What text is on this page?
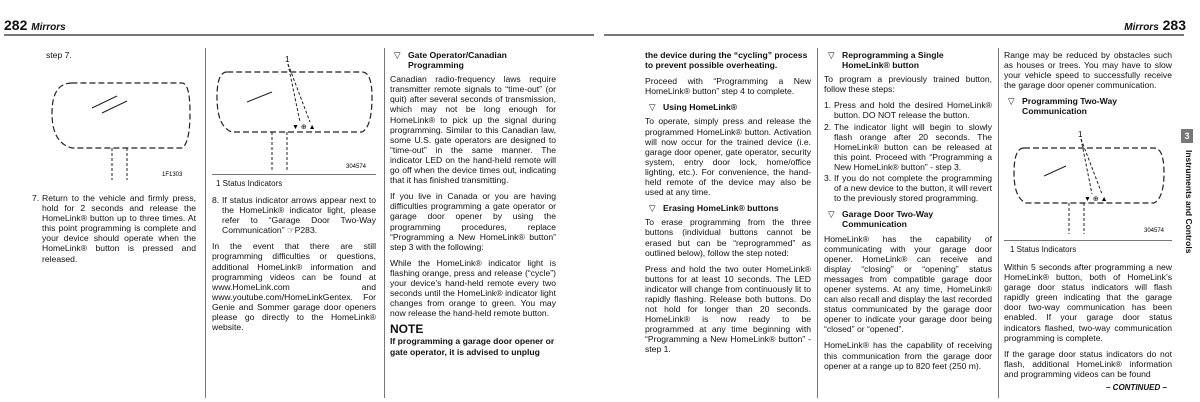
282 Mirrors	Mirrors 283

step 7.

1F1303
7. Return to the vehicle and firmly press, hold for 2 seconds and release the HomeLink® button up to three times. At this point programming is complete and your device should operate when the HomeLink® button is pressed and released.
1
▼ ⊕ ▲
304574
1 Status Indicators
8. If status indicator arrows appear next to the HomeLink® indicator light, please refer to “Garage Door Two-Way Communication” ☞P283.

In the event that there are still programming difficulties or questions, additional HomeLink® information and programming videos can be found at www.HomeLink.com and www.youtube.com/HomeLinkGentex. For Genie and Sommer garage door openers please go directly to the HomeLink® website.

▽ Gate Operator/Canadian Programming

Canadian radio-frequency laws require transmitter remote signals to “time-out” (or quit) after several seconds of transmission, which may not be long enough for HomeLink® to pick up the signal during programming. Similar to this Canadian law, some U.S. gate operators are designed to “time-out” in the same manner. The indicator LED on the hand-held remote will go off when the device times out, indicating that it has finished transmitting.

If you live in Canada or you are having difficulties programming a gate operator or garage door opener by using the programming procedures, replace “Programming a New HomeLink® button” step 3 with the following:

While the HomeLink® indicator light is flashing orange, press and release (“cycle”) your device’s hand-held remote every two seconds until the HomeLink® indicator light changes from orange to green. You may now release the hand-held remote button.

NOTE

If programming a garage door opener or gate operator, it is advised to unplug

the device during the “cycling” process to prevent possible overheating.

Proceed with “Programming a New HomeLink® button” step 4 to complete.

▽ Using HomeLink®

To operate, simply press and release the programmed HomeLink® button. Activation will now occur for the trained device (i.e. garage door opener, gate operator, security system, entry door lock, home/office lighting, etc.). For convenience, the hand-held remote of the device may also be used at any time.

▽ Erasing HomeLink® buttons

To erase programming from the three buttons (individual buttons cannot be erased but can be “reprogrammed” as outlined below), follow the step noted:

Press and hold the two outer HomeLink® buttons for at least 10 seconds. The LED indicator will change from continuously lit to rapidly flashing. Release both buttons. Do not hold for longer than 20 seconds. HomeLink® is now ready to be programmed at any time beginning with “Programming a New HomeLink® button” - step 1.

▽ Reprogramming a Single HomeLink® button

To program a previously trained button, follow these steps:

1. Press and hold the desired HomeLink® button. DO NOT release the button.
2. The indicator light will begin to slowly flash orange after 20 seconds. The HomeLink® button can be released at this point. Proceed with “Programming a New HomeLink® button” - step 3.
3. If you do not complete the programming of a new device to the button, it will revert to the previously stored programming.
▽ Garage Door Two-Way Communication

HomeLink® has the capability of communicating with your garage door opener. HomeLink® can receive and display “closing” or “opening” status messages from compatible garage door opener systems. At any time, HomeLink® can also recall and display the last recorded status communicated by the garage door opener to indicate your garage door being “closed” or “opened”.

HomeLink® has the capability of receiving this communication from the garage door opener at a range up to 820 feet (250 m).

Range may be reduced by obstacles such as houses or trees. You may have to slow your vehicle speed to successfully receive the garage door opener communication.

▽ Programming Two-Way Communication
1
▼ ⊕ ▲
304574
1 Status Indicators

Within 5 seconds after programming a new HomeLink® button, both of HomeLink’s garage door status indicators will flash rapidly green indicating that the garage door two-way communication has been enabled. If your garage door status indicators flashed, two-way communication programming is complete.

If the garage door status indicators do not flash, additional HomeLink® information and programming videos can be found

– CONTINUED –
3
Instruments and Controls
